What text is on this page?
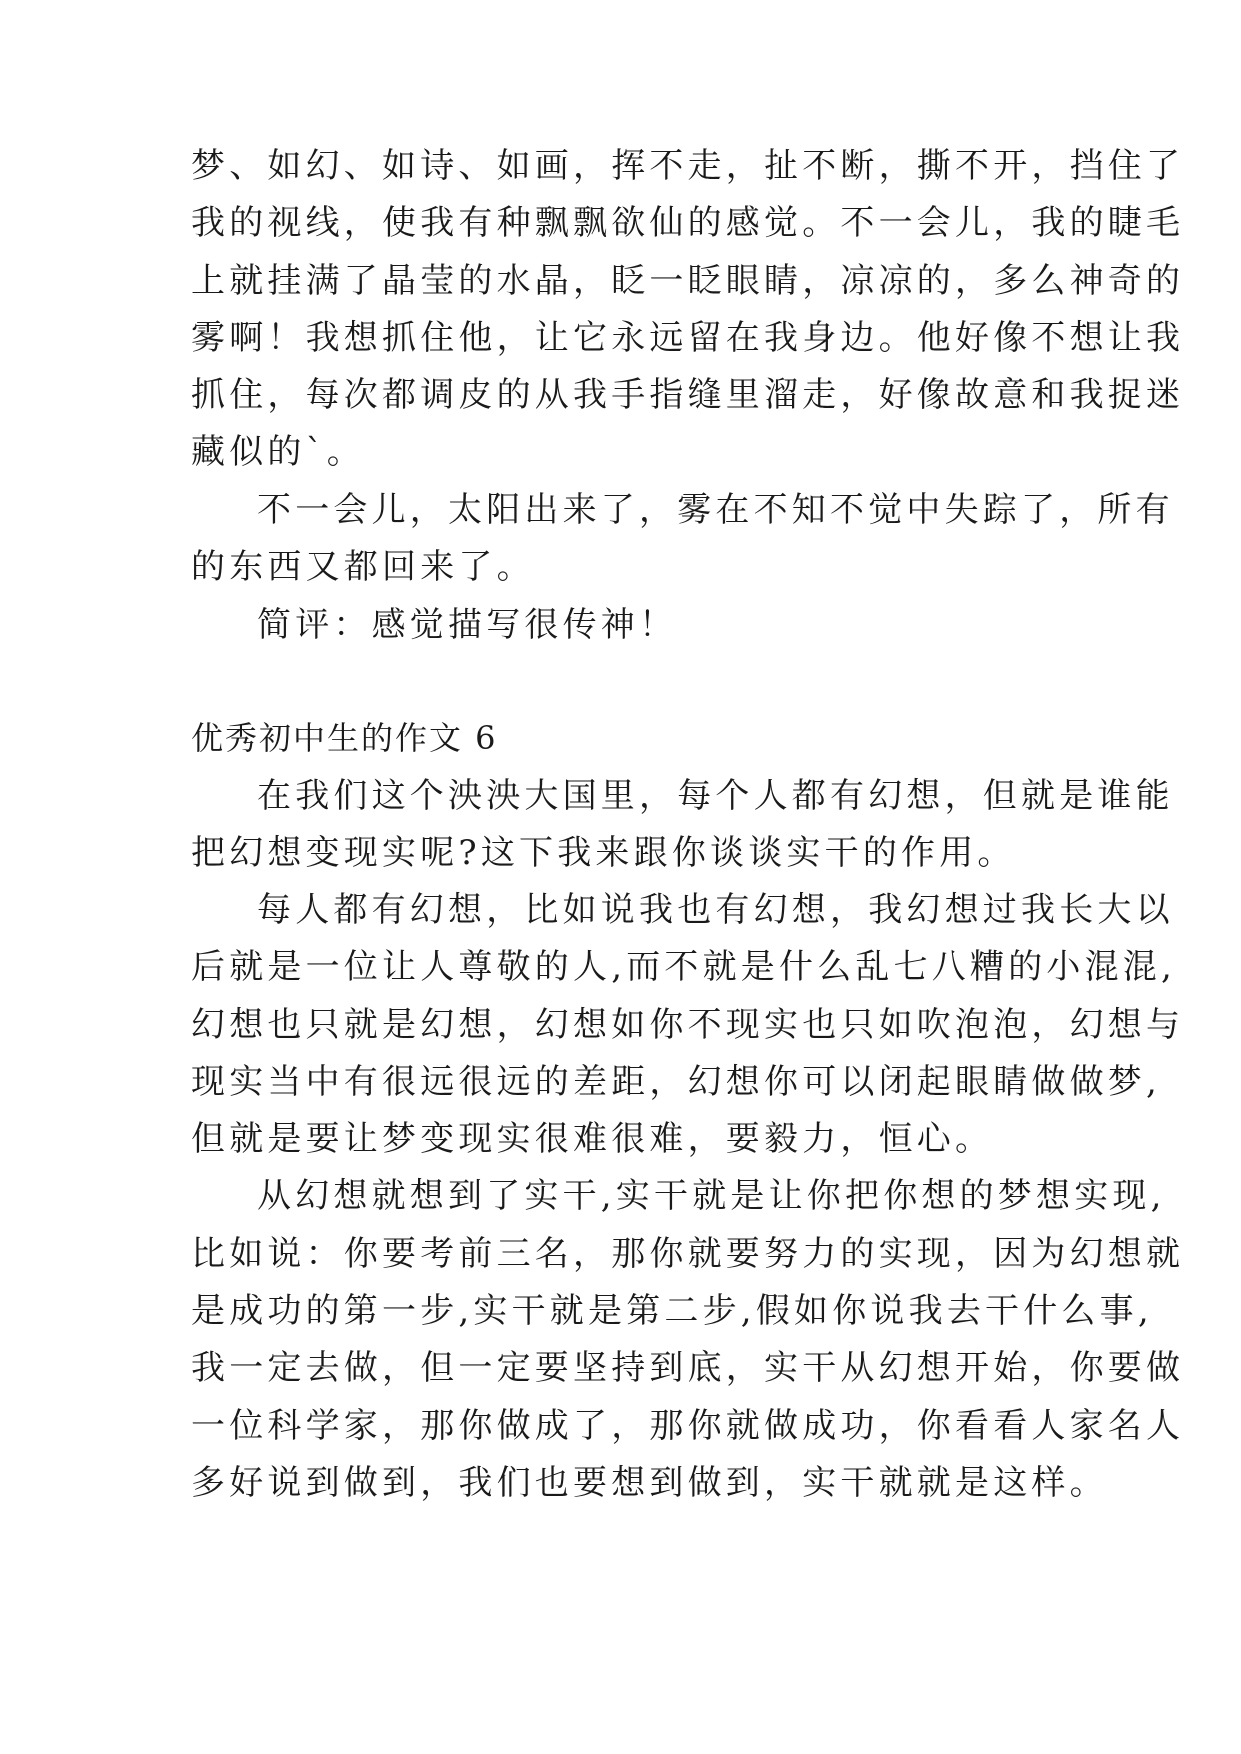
梦、如幻、如诗、如画，挥不走，扯不断，撕不开，挡住了
我的视线，使我有种飘飘欲仙的感觉。不一会儿，我的睫毛
上就挂满了晶莹的水晶，眨一眨眼睛，凉凉的，多么神奇的
雾啊！我想抓住他，让它永远留在我身边。他好像不想让我
抓住，每次都调皮的从我手指缝里溜走，好像故意和我捉迷
藏似的`。
不一会儿，太阳出来了，雾在不知不觉中失踪了，所有
的东西又都回来了。
简评：感觉描写很传神！
优秀初中生的作文 6
在我们这个泱泱大国里，每个人都有幻想，但就是谁能
把幻想变现实呢?这下我来跟你谈谈实干的作用。
每人都有幻想，比如说我也有幻想，我幻想过我长大以
后就是一位让人尊敬的人,而不就是什么乱七八糟的小混混,
幻想也只就是幻想，幻想如你不现实也只如吹泡泡，幻想与
现实当中有很远很远的差距，幻想你可以闭起眼睛做做梦,
但就是要让梦变现实很难很难，要毅力，恒心。
从幻想就想到了实干,实干就是让你把你想的梦想实现,
比如说：你要考前三名，那你就要努力的实现，因为幻想就
是成功的第一步,实干就是第二步,假如你说我去干什么事,
我一定去做，但一定要坚持到底，实干从幻想开始，你要做
一位科学家，那你做成了，那你就做成功，你看看人家名人
多好说到做到，我们也要想到做到，实干就就是这样。
